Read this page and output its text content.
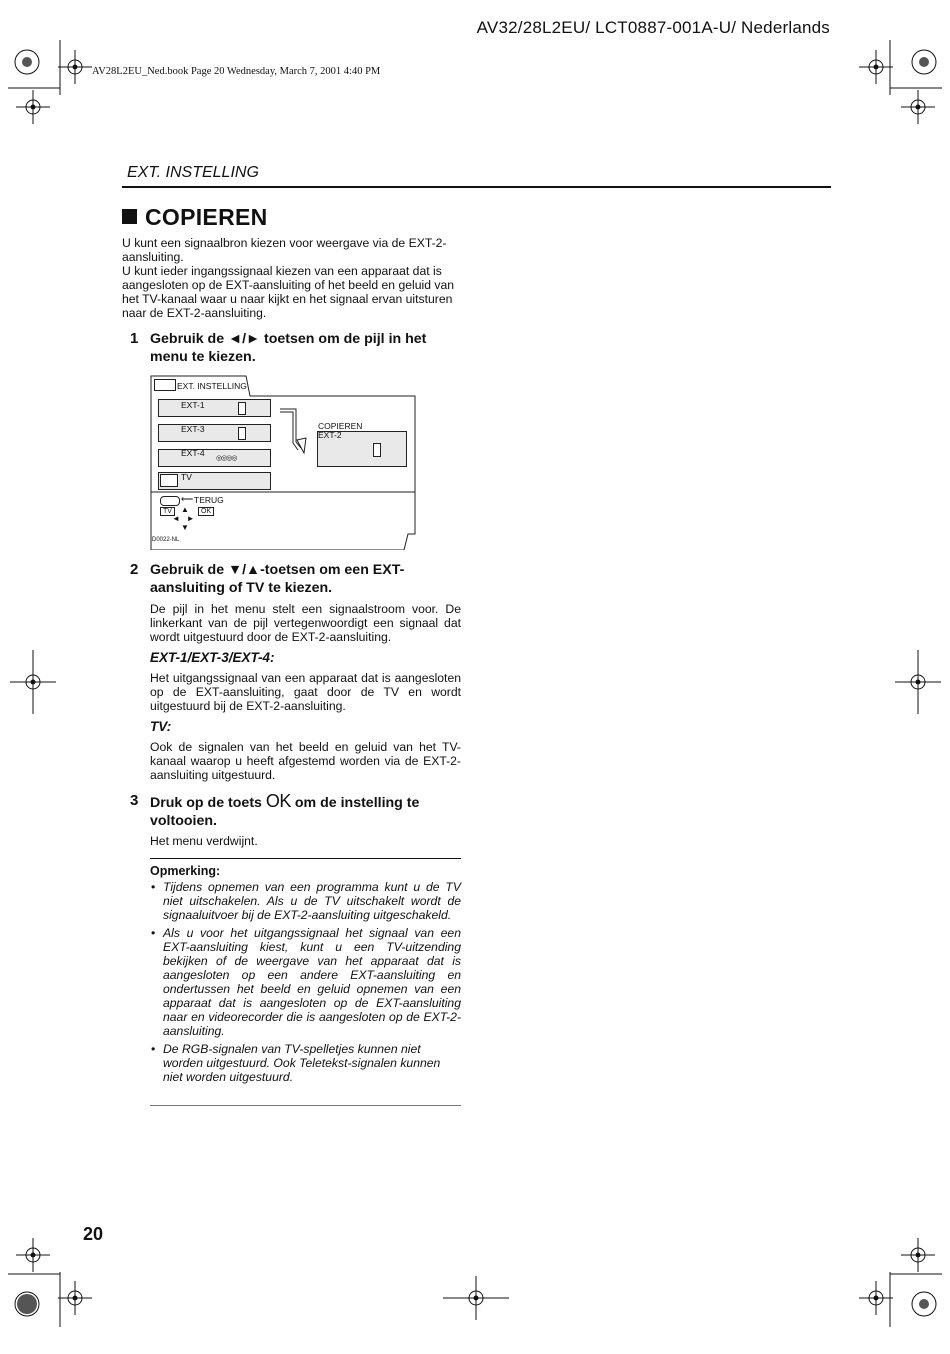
AV32/28L2EU/ LCT0887-001A-U/ Nederlands
AV28L2EU_Ned.book Page 20 Wednesday, March 7, 2001 4:40 PM
EXT. INSTELLING
COPIEREN

U kunt een signaalbron kiezen voor weergave via de EXT-2-aansluiting.

U kunt ieder ingangssignaal kiezen van een apparaat dat is aangesloten op de EXT-aansluiting of het beeld en geluid van het TV-kanaal waar u naar kijkt en het signaal ervan uitsturen naar de EXT-2-aansluiting.

1 Gebruik de ◄/► toetsen om de pijl in het menu te kiezen.
EXT. INSTELLING
EXT-1
EXT-3
EXT-4
◎◎◎◎
TV
COPIEREN
EXT-2
⟵ TERUG
TV	▲
◄   ►
▼
OK
D0022-NL
2 Gebruik de ▼/▲-toetsen om een EXT-aansluiting of TV te kiezen.
De pijl in het menu stelt een signaalstroom voor. De linkerkant van de pijl vertegenwoordigt een signaal dat wordt uitgestuurd door de EXT-2-aansluiting.
EXT-1/EXT-3/EXT-4:
Het uitgangssignaal van een apparaat dat is aangesloten op de EXT-aansluiting, gaat door de TV en wordt uitgestuurd bij de EXT-2-aansluiting.
TV:
Ook de signalen van het beeld en geluid van het TV-kanaal waarop u heeft afgestemd worden via de EXT-2-aansluiting uitgestuurd.
3 Druk op de toets OK om de instelling te voltooien.
Het menu verdwijnt.
Opmerking:
• Tijdens opnemen van een programma kunt u de TV niet uitschakelen. Als u de TV uitschakelt wordt de signaaluitvoer bij de EXT-2-aansluiting uitgeschakeld.
• Als u voor het uitgangssignaal het signaal van een EXT-aansluiting kiest, kunt u een TV-uitzending bekijken of de weergave van het apparaat dat is aangesloten op een andere EXT-aansluiting en ondertussen het beeld en geluid opnemen van een apparaat dat is aangesloten op de EXT-aansluiting naar en videorecorder die is aangesloten op de EXT-2-aansluiting.
• De RGB-signalen van TV-spelletjes kunnen niet worden uitgestuurd. Ook Teletekst-signalen kunnen niet worden uitgestuurd.
20
